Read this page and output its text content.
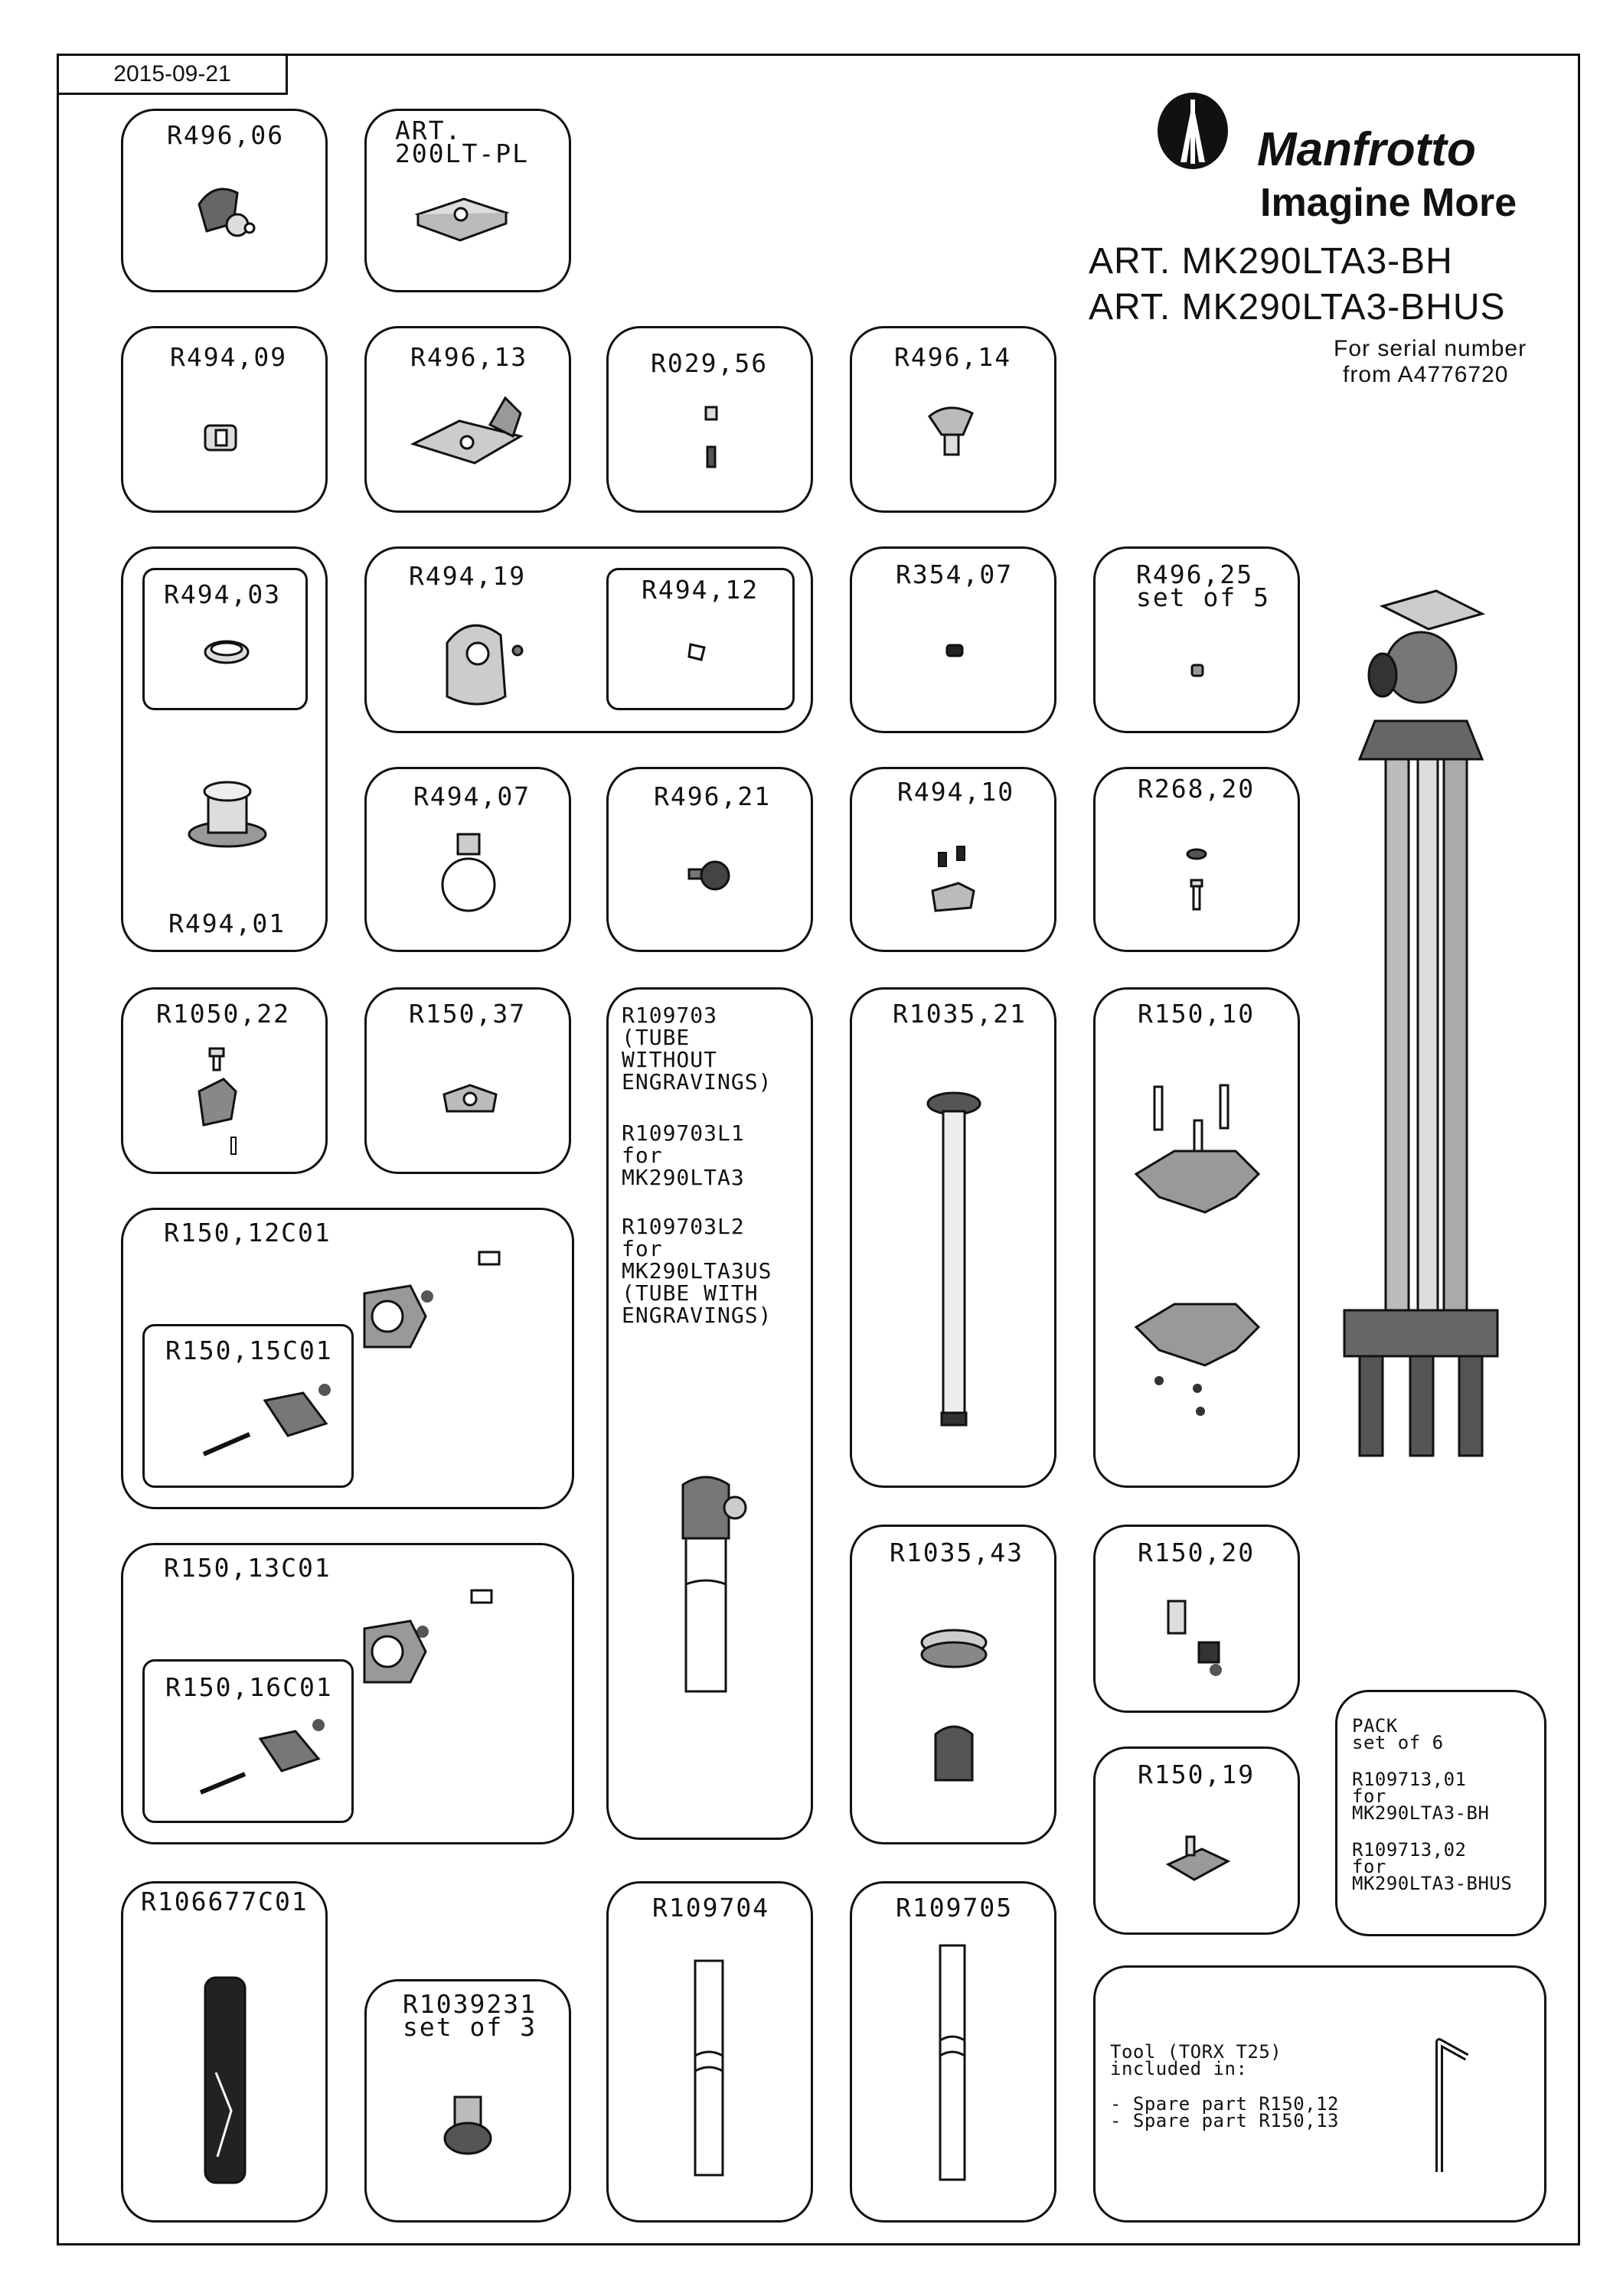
2015-09-21
Manfrotto
Imagine More
ART. MK290LTA3-BH
ART. MK290LTA3-BHUS
For serial number
from A4776720
R496,06	ART.
200LT-PL
R494,09	R496,13	R029,56	R496,14
R494,03
R494,01
R494,19	R494,12
R354,07	R496,25
set of 5
R494,07	R496,21	R494,10	R268,20
R1050,22	R150,37	R109703
(TUBE
WITHOUT
ENGRAVINGS)
R109703L1
for
MK290LTA3
R109703L2
for
MK290LTA3US
(TUBE WITH
ENGRAVINGS)
R1035,21	R150,10
R150,12C01
R150,15C01
R150,13C01
R150,16C01
R1035,43	R150,20
PACK
set of 6
R109713,01
for
MK290LTA3-BH
R109713,02
for
MK290LTA3-BHUS
R150,19
R106677C01
R1039231
set of 3
R109704	R109705
Tool (TORX T25)
included in:
- Spare part R150,12
- Spare part R150,13
